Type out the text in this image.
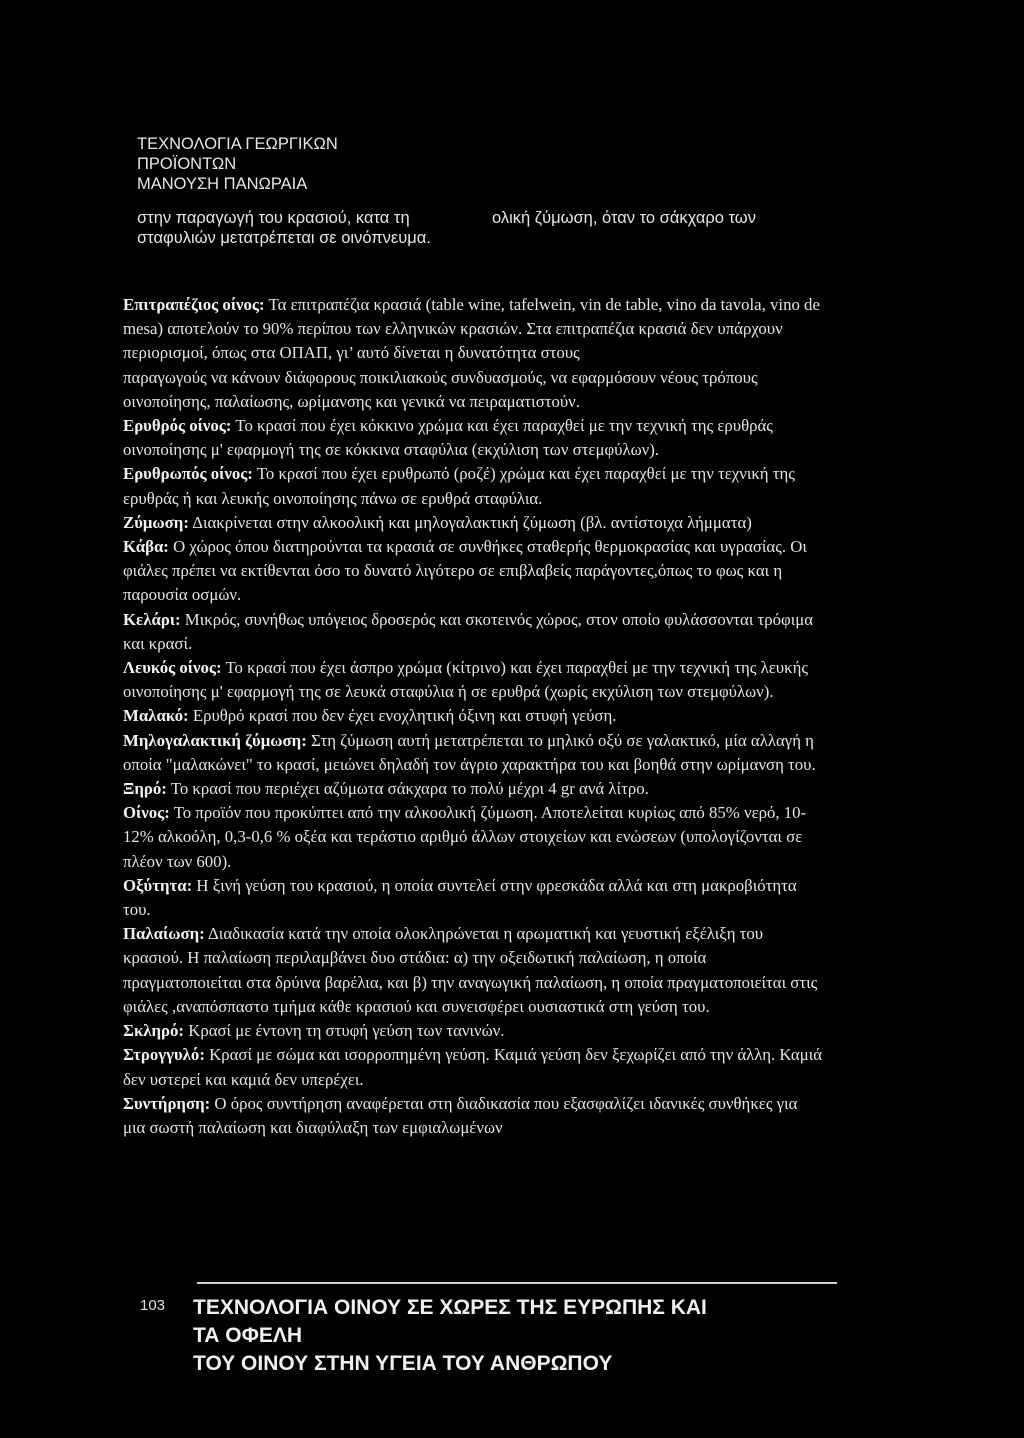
ΤΕΧΝΟΛΟΓΙΑ ΓΕΩΡΓΙΚΩΝ
ΠΡΟΪΟΝΤΩΝ
ΜΑΝΟΥΣΗ ΠΑΝΩΡΑΙΑ
στην παραγωγή του κρασιού, κατα τη
σταφυλιών μετατρέπεται σε οινόπνευμα.
ολική ζύμωση, όταν το σάκχαρο των

Επιτραπέζιος οίνος: Τα επιτραπέζια κρασιά (table wine, tafelwein, vin de table, vino da tavola, vino de mesa) αποτελούν το 90% περίπου των ελληνικών κρασιών. Στα επιτραπέζια κρασιά δεν υπάρχουν περιορισμοί, όπως στα ΟΠΑΠ, γι’ αυτό δίνεται η δυνατότητα στους

παραγωγούς να κάνουν διάφορους ποικιλιακούς συνδυασμούς, να εφαρμόσουν νέους τρόπους οινοποίησης, παλαίωσης, ωρίμανσης και γενικά να πειραματιστούν.

Ερυθρός οίνος: Το κρασί που έχει κόκκινο χρώμα και έχει παραχθεί με την τεχνική της ερυθράς οινοποίησης μ' εφαρμογή της σε κόκκινα σταφύλια (εκχύλιση των στεμφύλων).

Ερυθρωπός οίνος: Το κρασί που έχει ερυθρωπό (ροζέ) χρώμα και έχει παραχθεί με την τεχνική της ερυθράς ή και λευκής οινοποίησης πάνω σε ερυθρά σταφύλια.

Ζύμωση: Διακρίνεται στην αλκοολική και μηλογαλακτική ζύμωση (βλ. αντίστοιχα λήμματα)

Κάβα: Ο χώρος όπου διατηρούνται τα κρασιά σε συνθήκες σταθερής θερμοκρασίας και υγρασίας. Οι φιάλες πρέπει να εκτίθενται όσο το δυνατό λιγότερο σε επιβλαβείς παράγοντες,όπως το φως και η παρουσία οσμών.

Κελάρι: Μικρός, συνήθως υπόγειος δροσερός και σκοτεινός χώρος, στον οποίο φυλάσσονται τρόφιμα και κρασί.

Λευκός οίνος: Το κρασί που έχει άσπρο χρώμα (κίτρινο) και έχει παραχθεί με την τεχνική της λευκής οινοποίησης μ' εφαρμογή της σε λευκά σταφύλια ή σε ερυθρά (χωρίς εκχύλιση των στεμφύλων).

Μαλακό: Ερυθρό κρασί που δεν έχει ενοχλητική όξινη και στυφή γεύση.

Μηλογαλακτική ζύμωση: Στη ζύμωση αυτή μετατρέπεται το μηλικό οξύ σε γαλακτικό, μία αλλαγή η οποία "μαλακώνει" το κρασί, μειώνει δηλαδή τον άγριο χαρακτήρα του και βοηθά στην ωρίμανση του.

Ξηρό: Το κρασί που περιέχει αζύμωτα σάκχαρα το πολύ μέχρι 4 gr ανά λίτρο.

Οίνος: Το προϊόν που προκύπτει από την αλκοολική ζύμωση. Αποτελείται κυρίως από 85% νερό, 10-12% αλκοόλη, 0,3-0,6 % οξέα και τεράστιο αριθμό άλλων στοιχείων και ενώσεων (υπολογίζονται σε πλέον των 600).

Οξύτητα: Η ξινή γεύση του κρασιού, η οποία συντελεί στην φρεσκάδα αλλά και στη μακροβιότητα του.

Παλαίωση: Διαδικασία κατά την οποία ολοκληρώνεται η αρωματική και γευστική εξέλιξη του κρασιού. Η παλαίωση περιλαμβάνει δυο στάδια: α) την οξειδωτική παλαίωση, η οποία πραγματοποιείται στα δρύινα βαρέλια, και β) την αναγωγική παλαίωση, η οποία πραγματοποιείται στις φιάλες ,αναπόσπαστο τμήμα κάθε κρασιού και συνεισφέρει ουσιαστικά στη γεύση του.

Σκληρό: Κρασί με έντονη τη στυφή γεύση των τανινών.

Στρογγυλό: Κρασί με σώμα και ισορροπημένη γεύση. Καμιά γεύση δεν ξεχωρίζει από την άλλη. Καμιά δεν υστερεί και καμιά δεν υπερέχει.

Συντήρηση: Ο όρος συντήρηση αναφέρεται στη διαδικασία που εξασφαλίζει ιδανικές συνθήκες για μια σωστή παλαίωση και διαφύλαξη των εμφιαλωμένων

103 ΤΕΧΝΟΛΟΓΙΑ ΟΙΝΟΥ ΣΕ ΧΩΡΕΣ ΤΗΣ ΕΥΡΩΠΗΣ ΚΑΙ
ΤΑ ΟΦΕΛΗ
ΤΟΥ ΟΙΝΟΥ ΣΤΗΝ ΥΓΕΙΑ ΤΟΥ ΑΝΘΡΩΠΟΥ
